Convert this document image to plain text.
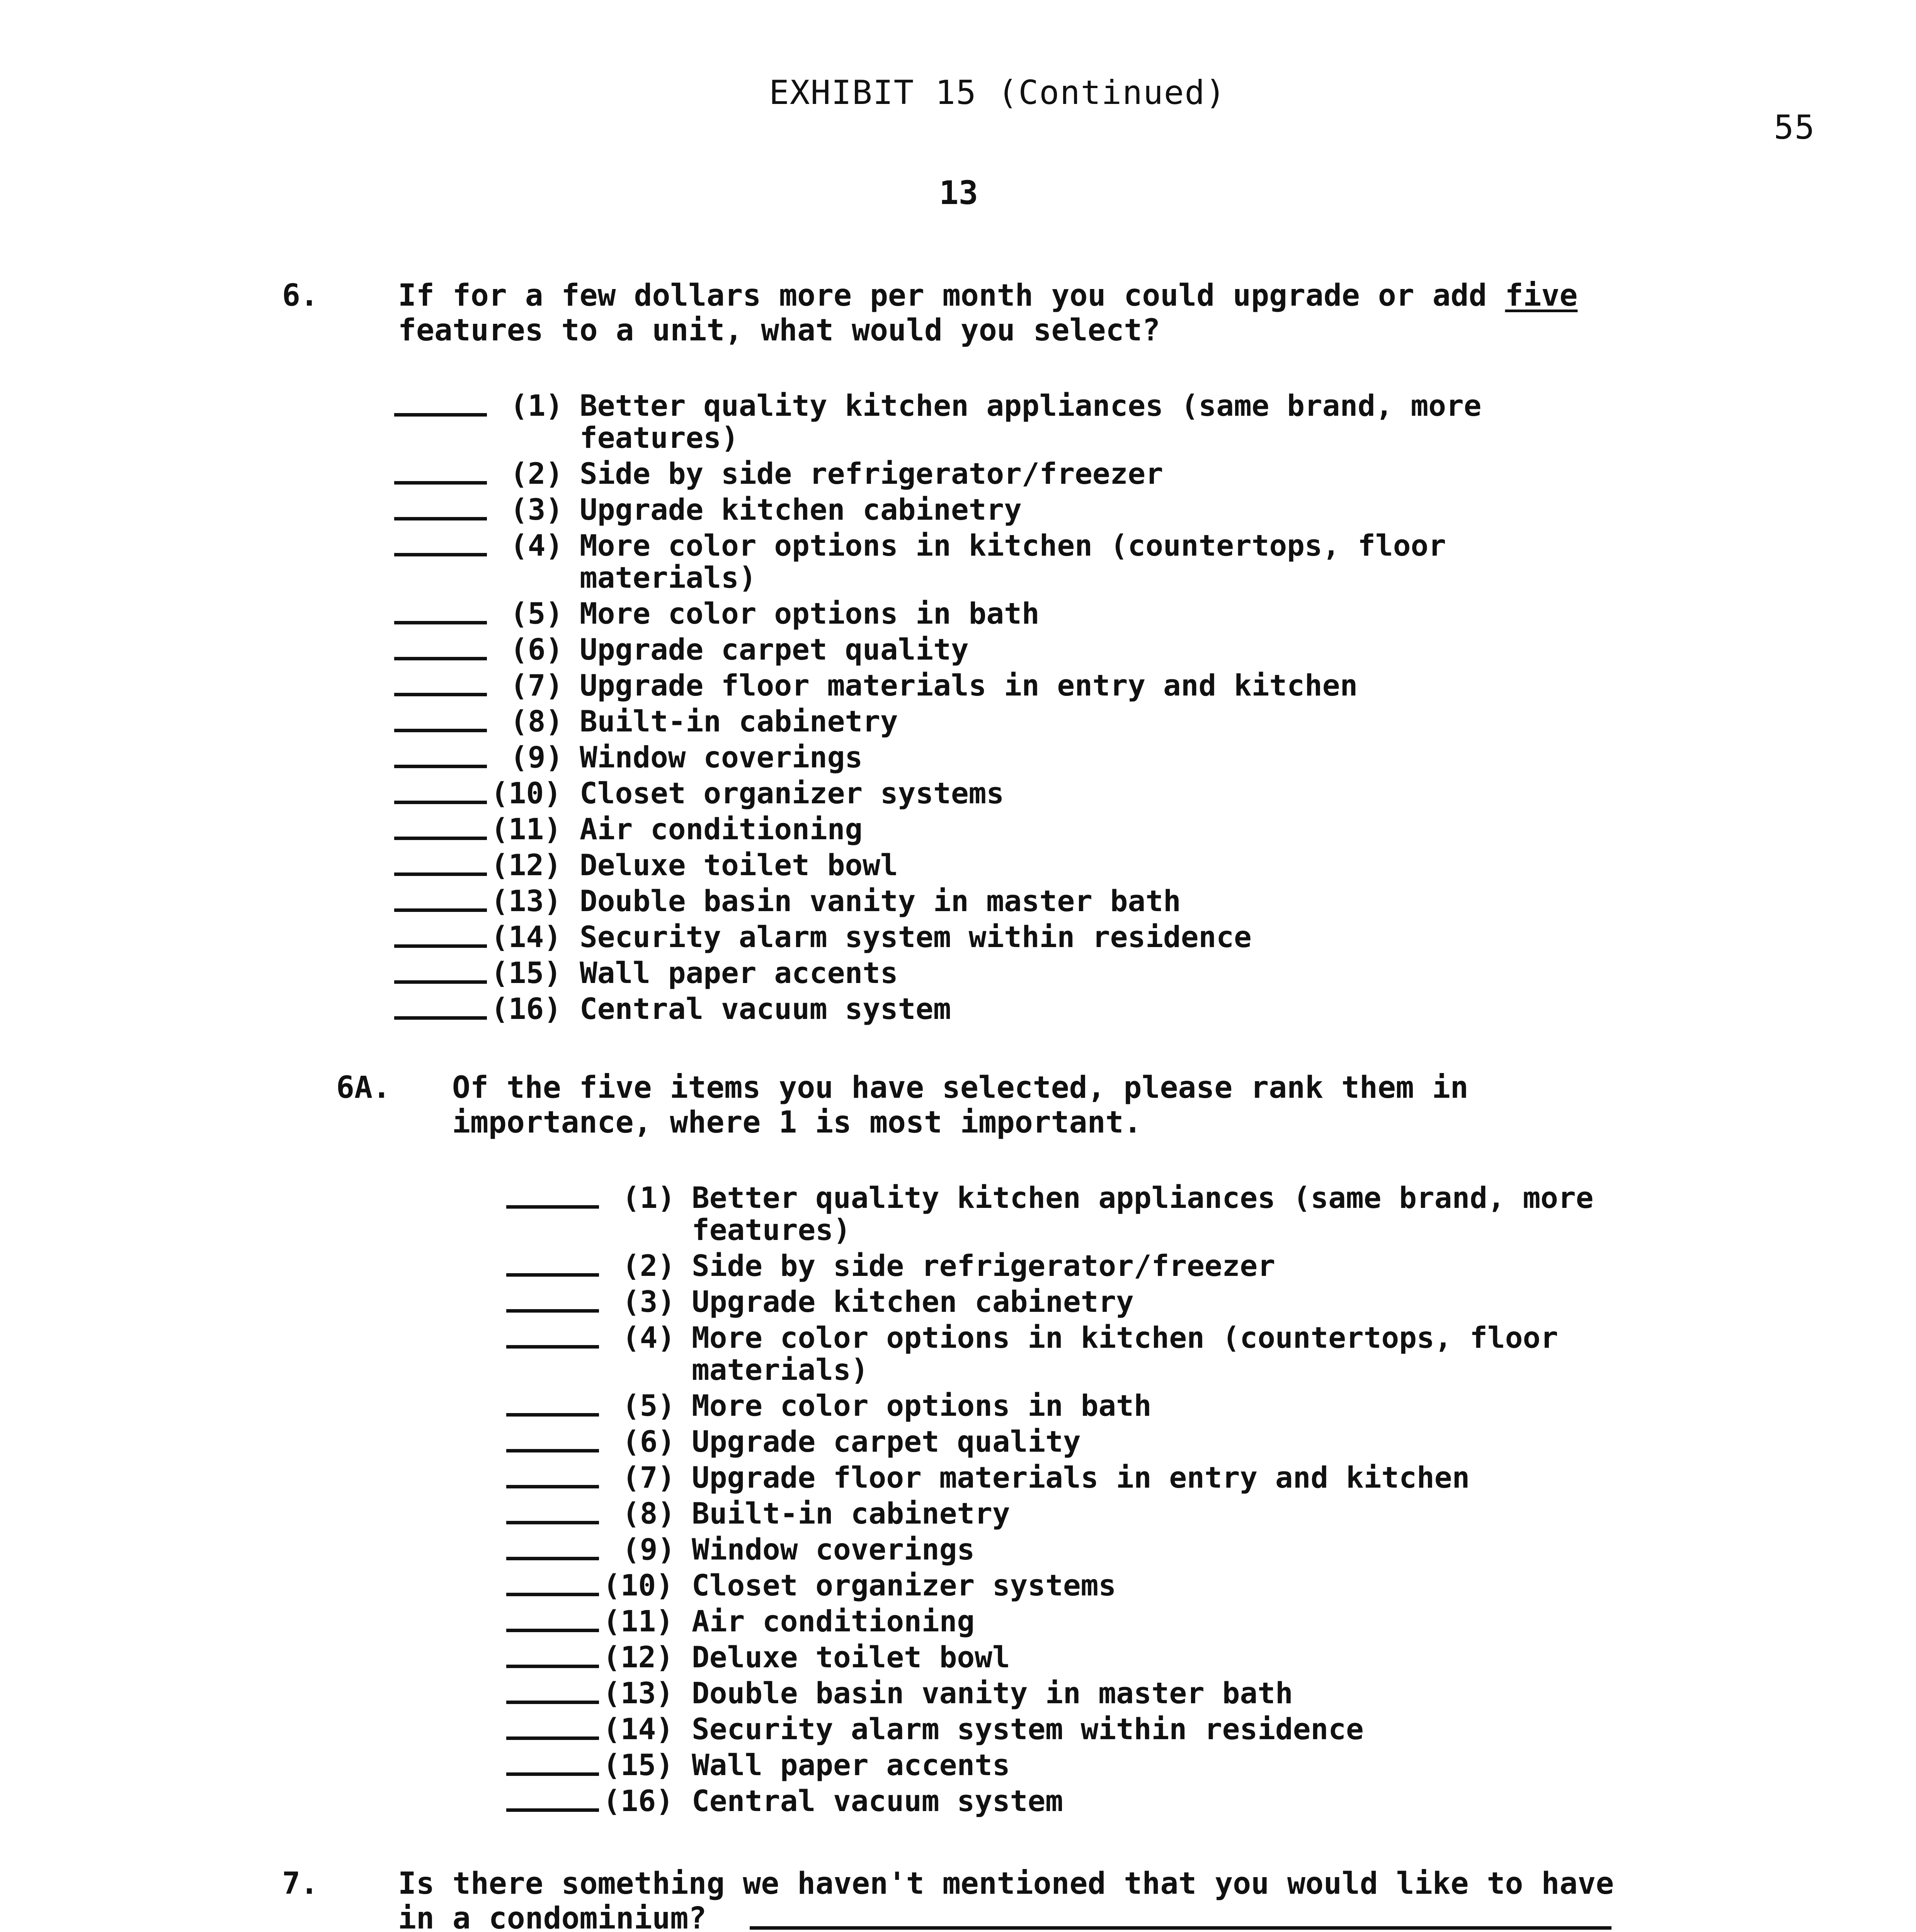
EXHIBIT 15 (Continued)
55
13
6.	If for a few dollars more per month you could upgrade or add five
features to a unit, what would you select?
(1) Better quality kitchen appliances (same brand, more
features)
(2) Side by side refrigerator/freezer
(3) Upgrade kitchen cabinetry
(4) More color options in kitchen (countertops, floor
materials)
(5) More color options in bath
(6) Upgrade carpet quality
(7) Upgrade floor materials in entry and kitchen
(8) Built-in cabinetry
(9) Window coverings
(10) Closet organizer systems
(11) Air conditioning
(12) Deluxe toilet bowl
(13) Double basin vanity in master bath
(14) Security alarm system within residence
(15) Wall paper accents
(16) Central vacuum system
6A. Of the five items you have selected, please rank them in
importance, where 1 is most important.
(1) Better quality kitchen appliances (same brand, more
features)
(2) Side by side refrigerator/freezer
(3) Upgrade kitchen cabinetry
(4) More color options in kitchen (countertops, floor
materials)
(5) More color options in bath
(6) Upgrade carpet quality
(7) Upgrade floor materials in entry and kitchen
(8) Built-in cabinetry
(9) Window coverings
(10) Closet organizer systems
(11) Air conditioning
(12) Deluxe toilet bowl
(13) Double basin vanity in master bath
(14) Security alarm system within residence
(15) Wall paper accents
(16) Central vacuum system
7.	Is there something we haven't mentioned that you would like to have
in a condominium?
